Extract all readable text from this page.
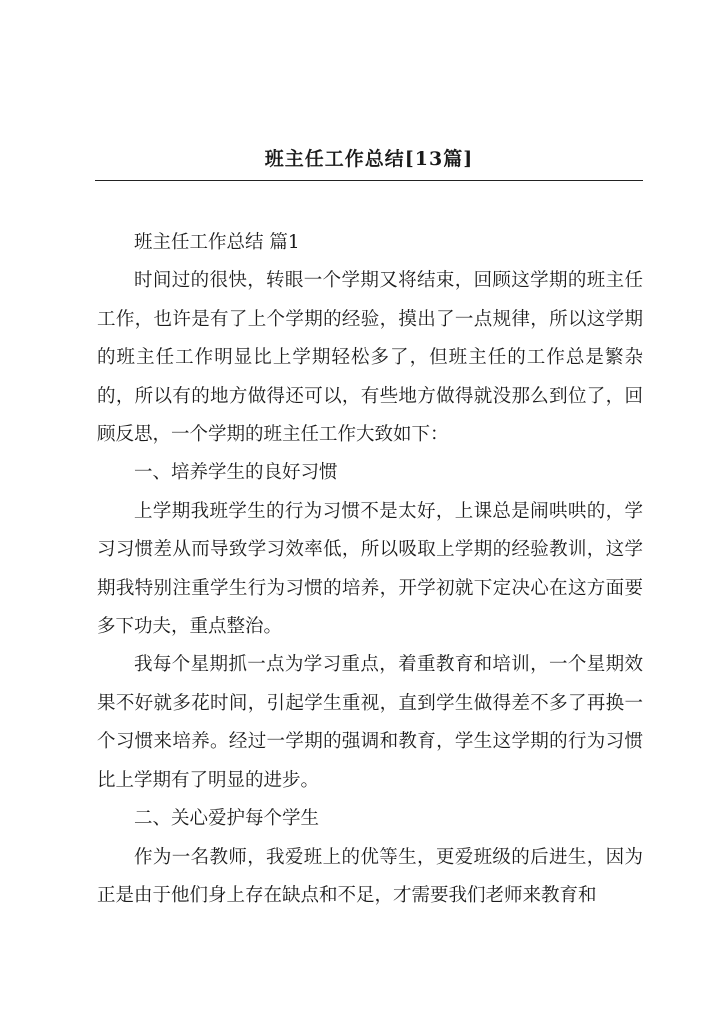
班主任工作总结[13篇]

班主任工作总结 篇1

时间过的很快，转眼一个学期又将结束，回顾这学期的班主任工作，也许是有了上个学期的经验，摸出了一点规律，所以这学期的班主任工作明显比上学期轻松多了，但班主任的工作总是繁杂的，所以有的地方做得还可以，有些地方做得就没那么到位了，回顾反思，一个学期的班主任工作大致如下：

一、培养学生的良好习惯

上学期我班学生的行为习惯不是太好，上课总是闹哄哄的，学习习惯差从而导致学习效率低，所以吸取上学期的经验教训，这学期我特别注重学生行为习惯的培养，开学初就下定决心在这方面要多下功夫，重点整治。

我每个星期抓一点为学习重点，着重教育和培训，一个星期效果不好就多花时间，引起学生重视，直到学生做得差不多了再换一个习惯来培养。经过一学期的强调和教育，学生这学期的行为习惯比上学期有了明显的进步。

二、关心爱护每个学生

作为一名教师，我爱班上的优等生，更爱班级的后进生，因为正是由于他们身上存在缺点和不足，才需要我们老师来教育和
